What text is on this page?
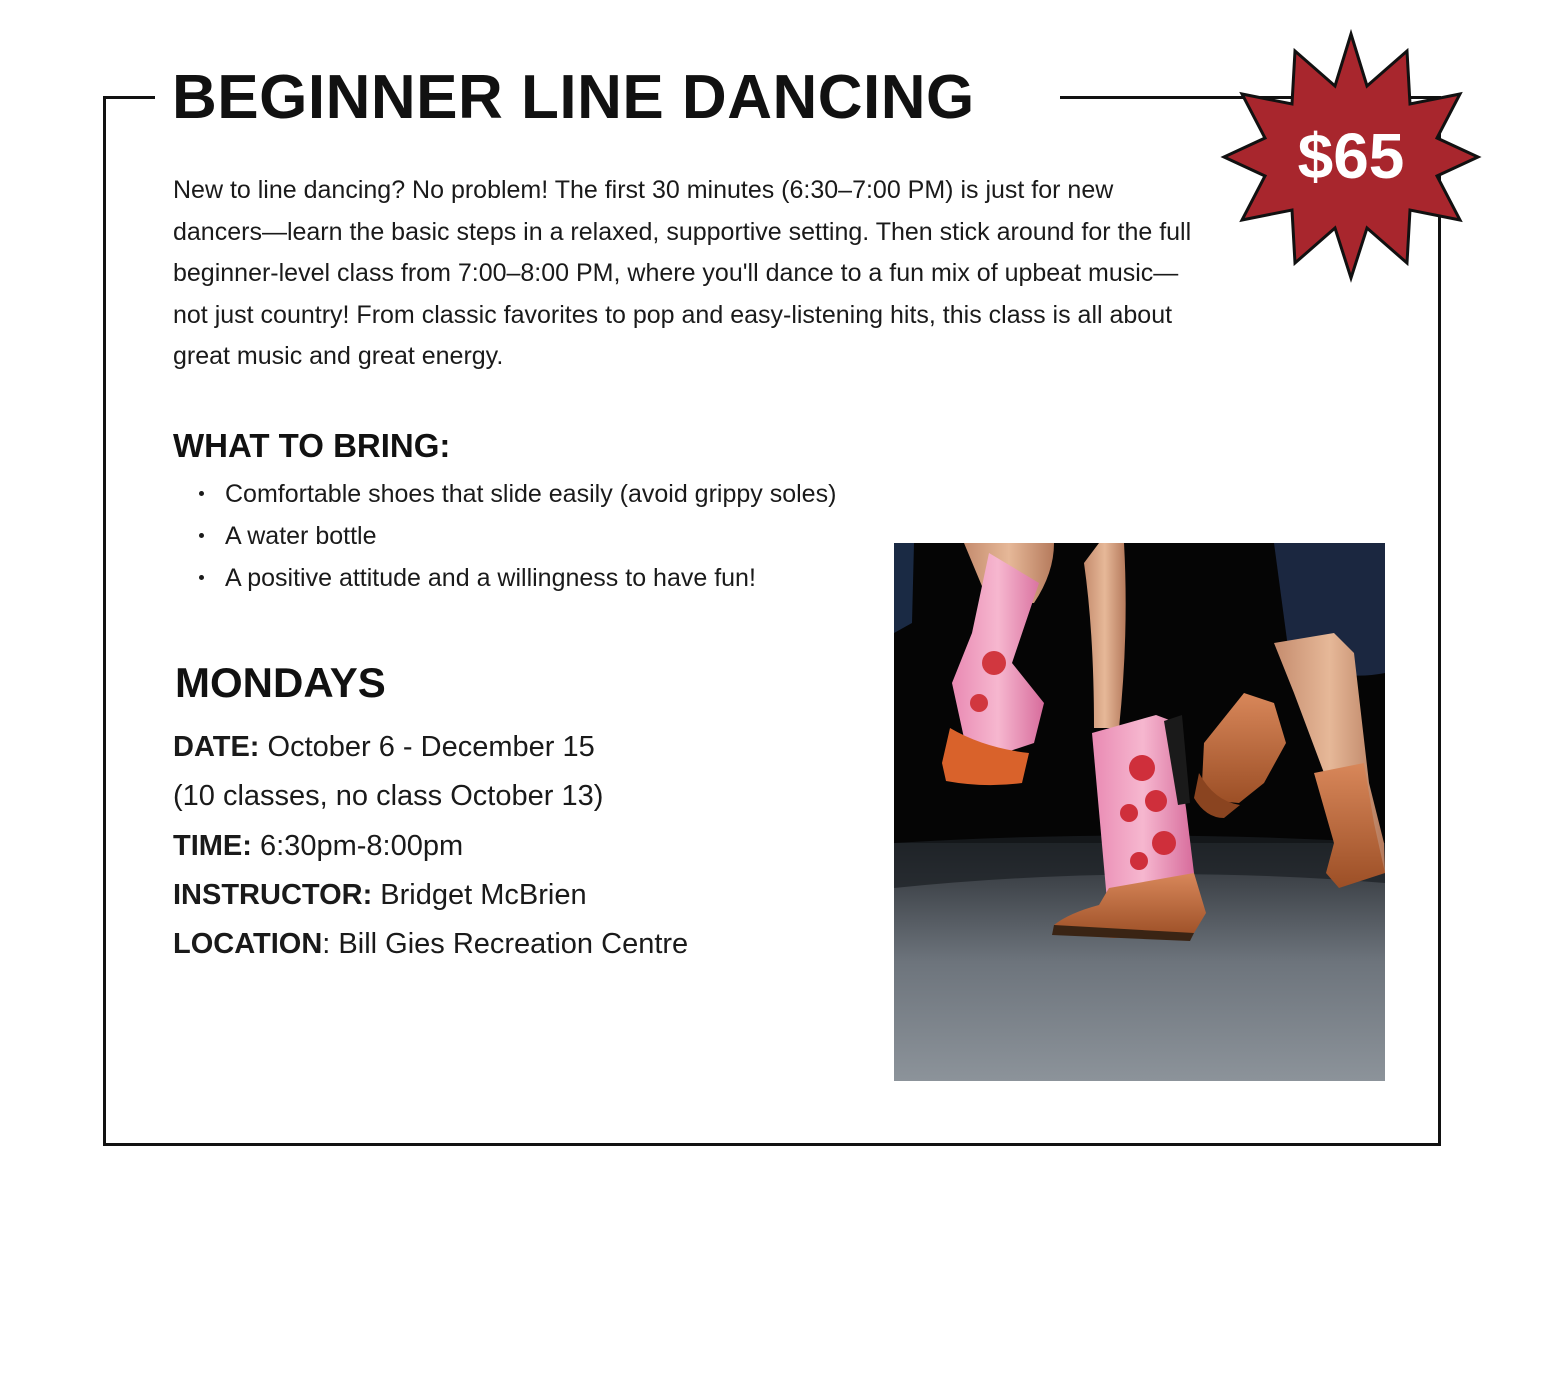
BEGINNER LINE DANCING
$65

New to line dancing? No problem! The first 30 minutes (6:30–7:00 PM) is just for new dancers—learn the basic steps in a relaxed, supportive setting. Then stick around for the full beginner-level class from 7:00–8:00 PM, where you'll dance to a fun mix of upbeat music—not just country! From classic favorites to pop and easy-listening hits, this class is all about great music and great energy.

WHAT TO BRING:
Comfortable shoes that slide easily (avoid grippy soles)
A water bottle
A positive attitude and a willingness to have fun!
MONDAYS
DATE: October 6 - December 15
(10 classes, no class October 13)
TIME: 6:30pm-8:00pm
INSTRUCTOR: Bridget McBrien
LOCATION: Bill Gies Recreation Centre
